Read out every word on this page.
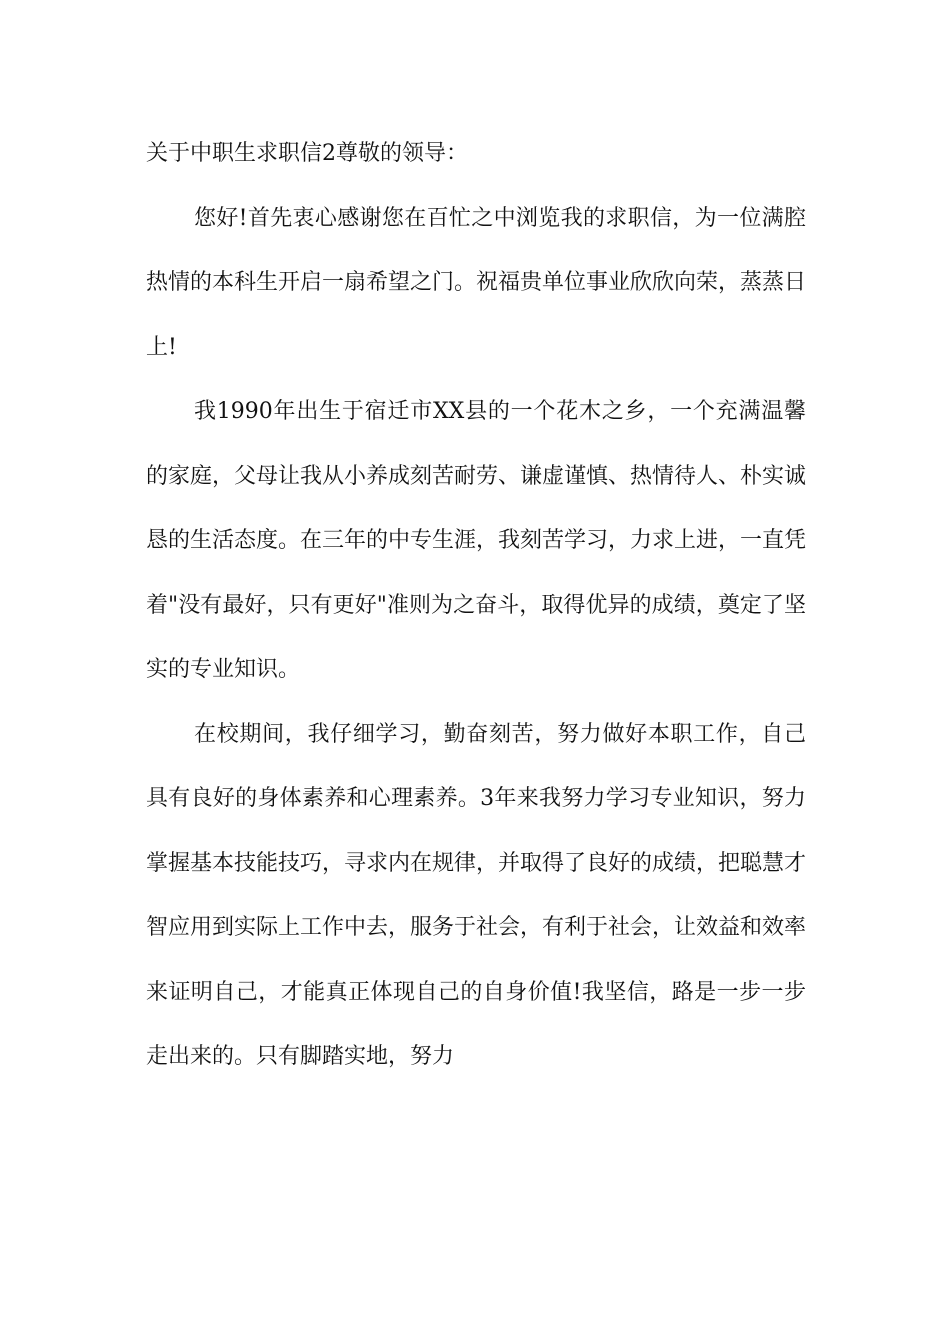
关于中职生求职信2尊敬的领导：

您好!首先衷心感谢您在百忙之中浏览我的求职信，为一位满腔热情的本科生开启一扇希望之门。祝福贵单位事业欣欣向荣，蒸蒸日上!

我1990年出生于宿迁市XX县的一个花木之乡，一个充满温馨的家庭，父母让我从小养成刻苦耐劳、谦虚谨慎、热情待人、朴实诚恳的生活态度。在三年的中专生涯，我刻苦学习，力求上进，一直凭着"没有最好，只有更好"准则为之奋斗，取得优异的成绩，奠定了坚实的专业知识。

在校期间，我仔细学习，勤奋刻苦，努力做好本职工作，自己具有良好的身体素养和心理素养。3年来我努力学习专业知识，努力掌握基本技能技巧，寻求内在规律，并取得了良好的成绩，把聪慧才智应用到实际上工作中去，服务于社会，有利于社会，让效益和效率来证明自己，才能真正体现自己的自身价值!我坚信，路是一步一步走出来的。只有脚踏实地，努力
